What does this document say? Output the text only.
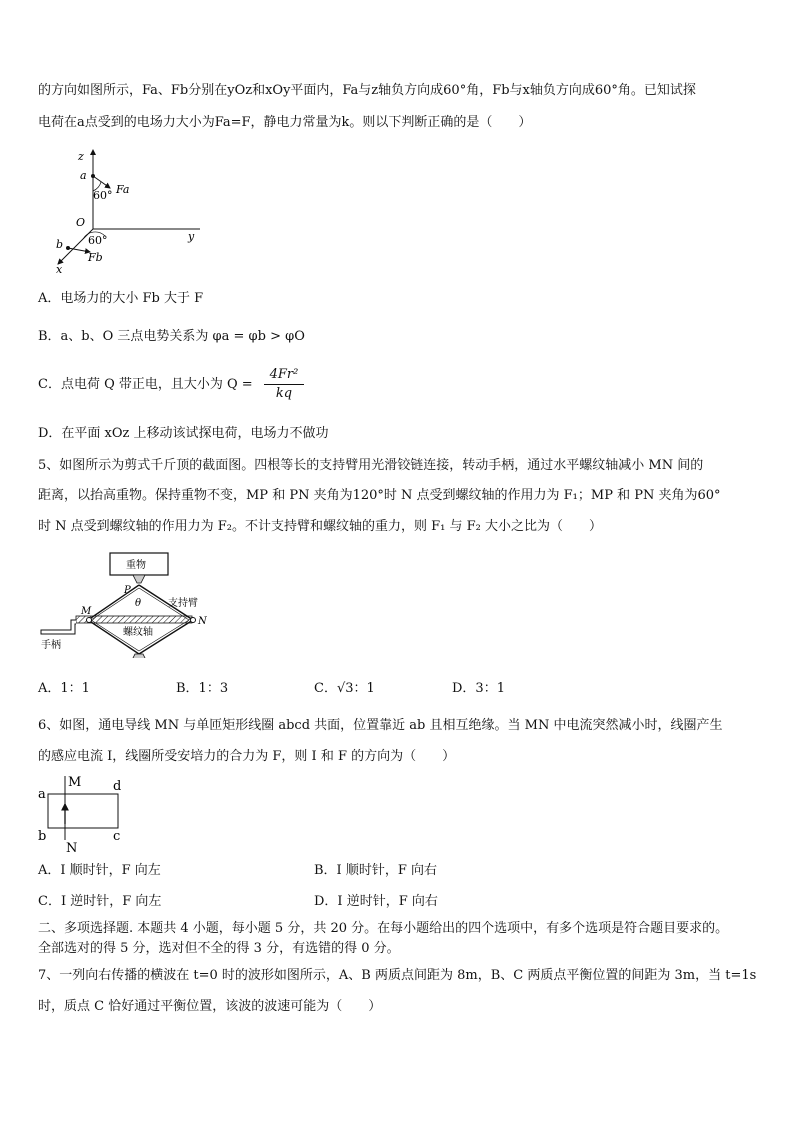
的方向如图所示，Fa、Fb分别在yOz和xOy平面内，Fa与z轴负方向成60°角，Fb与x轴负方向成60°角。已知试探
电荷在a点受到的电场力大小为Fa=F，静电力常量为k。则以下判断正确的是（　　）
z
a
60° Fa
O
y
b 60°
Fb
x
A．电场力的大小 Fb 大于 F
B．a、b、O 三点电势关系为 φa = φb > φO
C．点电荷 Q 带正电，且大小为 $Q = \frac{\text{4Fr²}}{kq}$
D．在平面 xOz 上移动该试探电荷，电场力不做功
5、如图所示为剪式千斤顶的截面图。四根等长的支持臂用光滑铰链连接，转动手柄，通过水平螺纹轴减小 MN 间的
距离，以抬高重物。保持重物不变，MP 和 PN 夹角为120°时 N 点受到螺纹轴的作用力为 F₁；MP 和 PN 夹角为60°
时 N 点受到螺纹轴的作用力为 F₂。不计支持臂和螺纹轴的重力，则 F₁ 与 F₂ 大小之比为（　　）
重物
P
θ	支持臂
M
N
螺纹轴
手柄
A．1：1	B．1：3	C．√3：1	D．3：1
6、如图，通电导线 MN 与单匝矩形线圈 abcd 共面，位置靠近 ab 且相互绝缘。当 MN 中电流突然减小时，线圈产生
的感应电流 I，线圈所受安培力的合力为 F，则 I 和 F 的方向为（　　）
M
N
a
b	c
d
A．I 顺时针，F 向左	B．I 顺时针，F 向右
C．I 逆时针，F 向左	D．I 逆时针，F 向右
二、多项选择题. 本题共 4 小题，每小题 5 分，共 20 分。在每小题给出的四个选项中，有多个选项是符合题目要求的。
全部选对的得 5 分，选对但不全的得 3 分，有选错的得 0 分。
7、一列向右传播的横波在 t=0 时的波形如图所示，A、B 两质点间距为 8m，B、C 两质点平衡位置的间距为 3m，当 t=1s
时，质点 C 恰好通过平衡位置，该波的波速可能为（　　）
